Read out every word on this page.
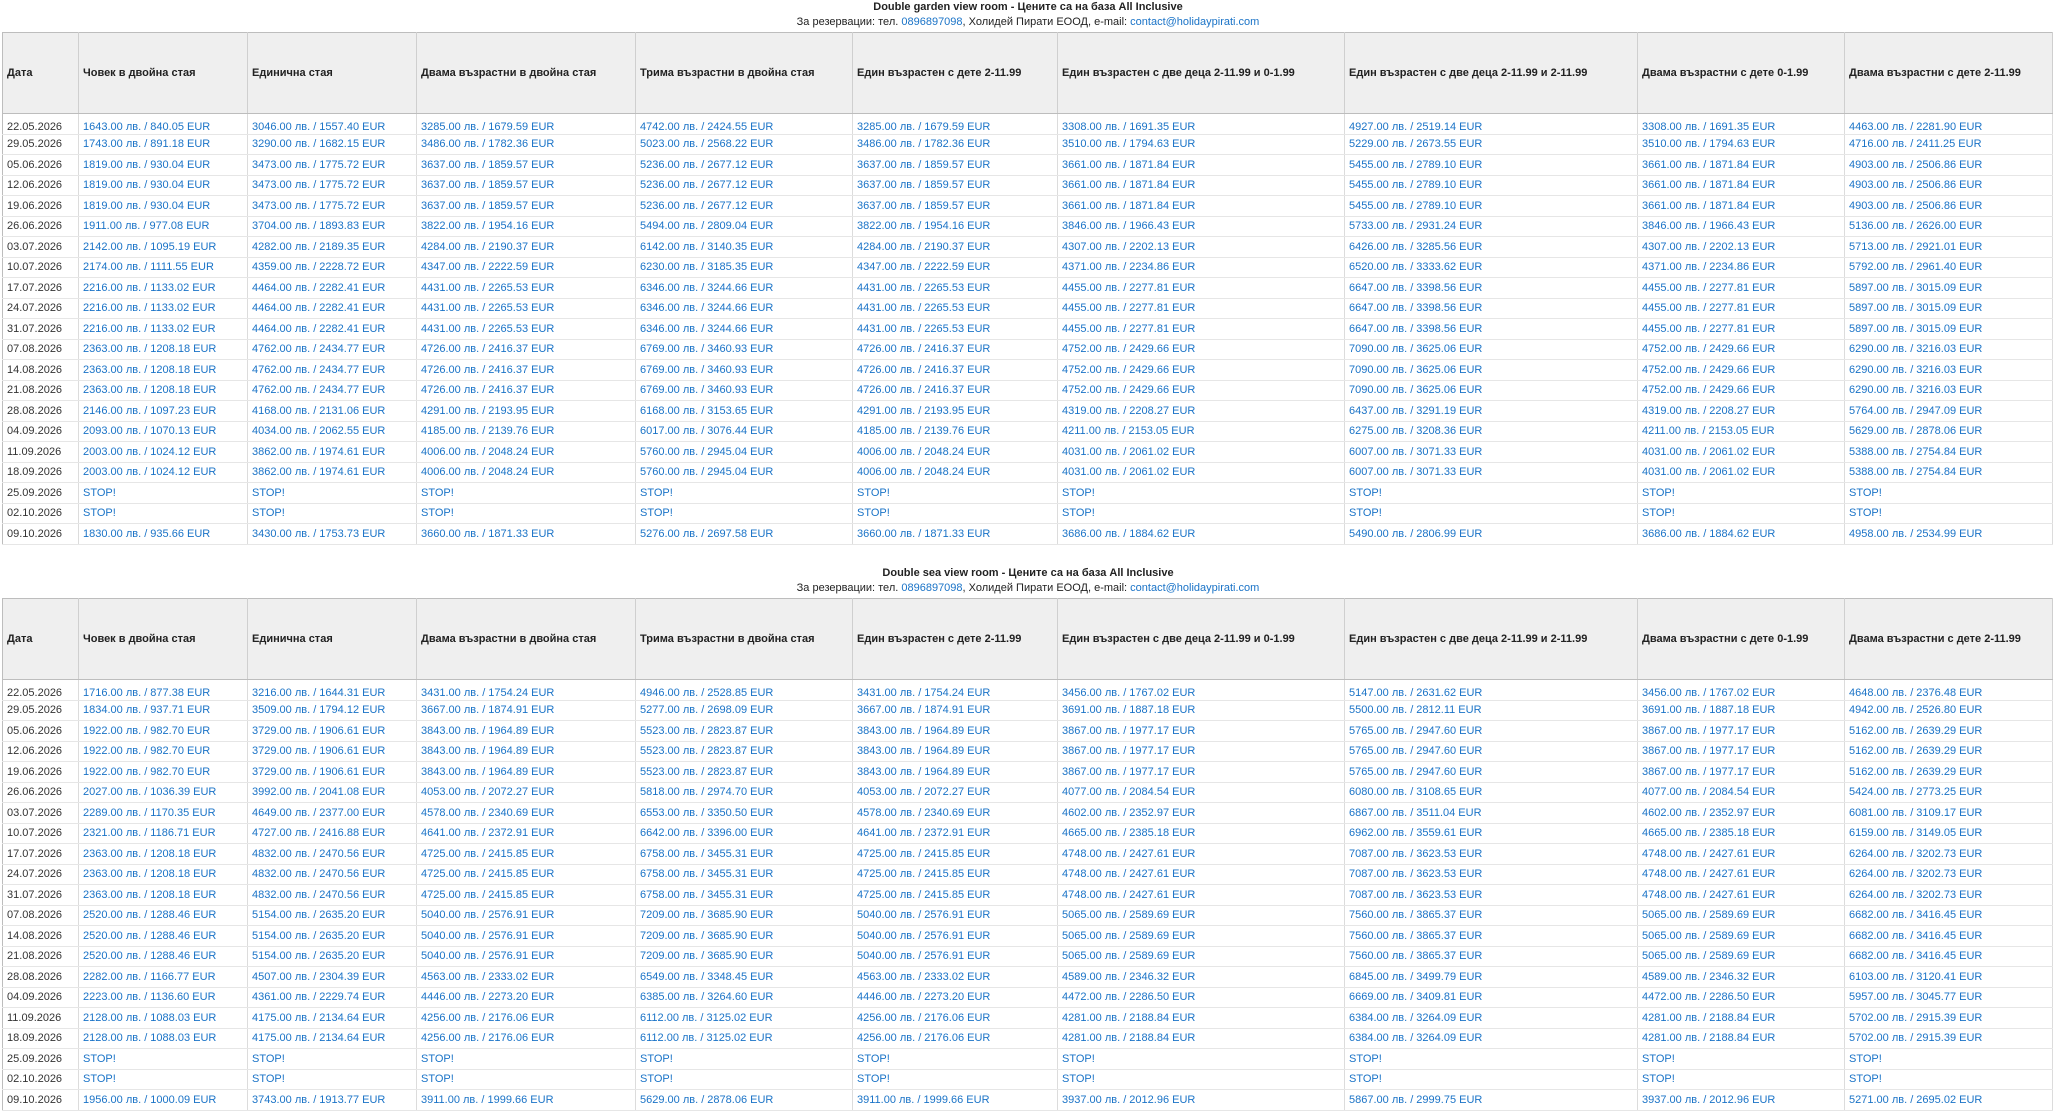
Double garden view room - Цените са на база All Inclusive
За резервации: тел. 0896897098, Холидей Пирати ЕООД, e-mail: contact@holidaypirati.com
Дата	Човек в двойна стая	Единична стая	Двама възрастни в двойна стая	Трима възрастни в двойна стая	Един възрастен с дете 2-11.99	Един възрастен с две деца 2-11.99 и 0-1.99	Един възрастен с две деца 2-11.99 и 2-11.99	Двама възрастни с дете 0-1.99	Двама възрастни с дете 2-11.99
22.05.2026	1643.00 лв. / 840.05 EUR	3046.00 лв. / 1557.40 EUR	3285.00 лв. / 1679.59 EUR	4742.00 лв. / 2424.55 EUR	3285.00 лв. / 1679.59 EUR	3308.00 лв. / 1691.35 EUR	4927.00 лв. / 2519.14 EUR	3308.00 лв. / 1691.35 EUR	4463.00 лв. / 2281.90 EUR
29.05.2026	1743.00 лв. / 891.18 EUR	3290.00 лв. / 1682.15 EUR	3486.00 лв. / 1782.36 EUR	5023.00 лв. / 2568.22 EUR	3486.00 лв. / 1782.36 EUR	3510.00 лв. / 1794.63 EUR	5229.00 лв. / 2673.55 EUR	3510.00 лв. / 1794.63 EUR	4716.00 лв. / 2411.25 EUR
05.06.2026	1819.00 лв. / 930.04 EUR	3473.00 лв. / 1775.72 EUR	3637.00 лв. / 1859.57 EUR	5236.00 лв. / 2677.12 EUR	3637.00 лв. / 1859.57 EUR	3661.00 лв. / 1871.84 EUR	5455.00 лв. / 2789.10 EUR	3661.00 лв. / 1871.84 EUR	4903.00 лв. / 2506.86 EUR
12.06.2026	1819.00 лв. / 930.04 EUR	3473.00 лв. / 1775.72 EUR	3637.00 лв. / 1859.57 EUR	5236.00 лв. / 2677.12 EUR	3637.00 лв. / 1859.57 EUR	3661.00 лв. / 1871.84 EUR	5455.00 лв. / 2789.10 EUR	3661.00 лв. / 1871.84 EUR	4903.00 лв. / 2506.86 EUR
19.06.2026	1819.00 лв. / 930.04 EUR	3473.00 лв. / 1775.72 EUR	3637.00 лв. / 1859.57 EUR	5236.00 лв. / 2677.12 EUR	3637.00 лв. / 1859.57 EUR	3661.00 лв. / 1871.84 EUR	5455.00 лв. / 2789.10 EUR	3661.00 лв. / 1871.84 EUR	4903.00 лв. / 2506.86 EUR
26.06.2026	1911.00 лв. / 977.08 EUR	3704.00 лв. / 1893.83 EUR	3822.00 лв. / 1954.16 EUR	5494.00 лв. / 2809.04 EUR	3822.00 лв. / 1954.16 EUR	3846.00 лв. / 1966.43 EUR	5733.00 лв. / 2931.24 EUR	3846.00 лв. / 1966.43 EUR	5136.00 лв. / 2626.00 EUR
03.07.2026	2142.00 лв. / 1095.19 EUR	4282.00 лв. / 2189.35 EUR	4284.00 лв. / 2190.37 EUR	6142.00 лв. / 3140.35 EUR	4284.00 лв. / 2190.37 EUR	4307.00 лв. / 2202.13 EUR	6426.00 лв. / 3285.56 EUR	4307.00 лв. / 2202.13 EUR	5713.00 лв. / 2921.01 EUR
10.07.2026	2174.00 лв. / 1111.55 EUR	4359.00 лв. / 2228.72 EUR	4347.00 лв. / 2222.59 EUR	6230.00 лв. / 3185.35 EUR	4347.00 лв. / 2222.59 EUR	4371.00 лв. / 2234.86 EUR	6520.00 лв. / 3333.62 EUR	4371.00 лв. / 2234.86 EUR	5792.00 лв. / 2961.40 EUR
17.07.2026	2216.00 лв. / 1133.02 EUR	4464.00 лв. / 2282.41 EUR	4431.00 лв. / 2265.53 EUR	6346.00 лв. / 3244.66 EUR	4431.00 лв. / 2265.53 EUR	4455.00 лв. / 2277.81 EUR	6647.00 лв. / 3398.56 EUR	4455.00 лв. / 2277.81 EUR	5897.00 лв. / 3015.09 EUR
24.07.2026	2216.00 лв. / 1133.02 EUR	4464.00 лв. / 2282.41 EUR	4431.00 лв. / 2265.53 EUR	6346.00 лв. / 3244.66 EUR	4431.00 лв. / 2265.53 EUR	4455.00 лв. / 2277.81 EUR	6647.00 лв. / 3398.56 EUR	4455.00 лв. / 2277.81 EUR	5897.00 лв. / 3015.09 EUR
31.07.2026	2216.00 лв. / 1133.02 EUR	4464.00 лв. / 2282.41 EUR	4431.00 лв. / 2265.53 EUR	6346.00 лв. / 3244.66 EUR	4431.00 лв. / 2265.53 EUR	4455.00 лв. / 2277.81 EUR	6647.00 лв. / 3398.56 EUR	4455.00 лв. / 2277.81 EUR	5897.00 лв. / 3015.09 EUR
07.08.2026	2363.00 лв. / 1208.18 EUR	4762.00 лв. / 2434.77 EUR	4726.00 лв. / 2416.37 EUR	6769.00 лв. / 3460.93 EUR	4726.00 лв. / 2416.37 EUR	4752.00 лв. / 2429.66 EUR	7090.00 лв. / 3625.06 EUR	4752.00 лв. / 2429.66 EUR	6290.00 лв. / 3216.03 EUR
14.08.2026	2363.00 лв. / 1208.18 EUR	4762.00 лв. / 2434.77 EUR	4726.00 лв. / 2416.37 EUR	6769.00 лв. / 3460.93 EUR	4726.00 лв. / 2416.37 EUR	4752.00 лв. / 2429.66 EUR	7090.00 лв. / 3625.06 EUR	4752.00 лв. / 2429.66 EUR	6290.00 лв. / 3216.03 EUR
21.08.2026	2363.00 лв. / 1208.18 EUR	4762.00 лв. / 2434.77 EUR	4726.00 лв. / 2416.37 EUR	6769.00 лв. / 3460.93 EUR	4726.00 лв. / 2416.37 EUR	4752.00 лв. / 2429.66 EUR	7090.00 лв. / 3625.06 EUR	4752.00 лв. / 2429.66 EUR	6290.00 лв. / 3216.03 EUR
28.08.2026	2146.00 лв. / 1097.23 EUR	4168.00 лв. / 2131.06 EUR	4291.00 лв. / 2193.95 EUR	6168.00 лв. / 3153.65 EUR	4291.00 лв. / 2193.95 EUR	4319.00 лв. / 2208.27 EUR	6437.00 лв. / 3291.19 EUR	4319.00 лв. / 2208.27 EUR	5764.00 лв. / 2947.09 EUR
04.09.2026	2093.00 лв. / 1070.13 EUR	4034.00 лв. / 2062.55 EUR	4185.00 лв. / 2139.76 EUR	6017.00 лв. / 3076.44 EUR	4185.00 лв. / 2139.76 EUR	4211.00 лв. / 2153.05 EUR	6275.00 лв. / 3208.36 EUR	4211.00 лв. / 2153.05 EUR	5629.00 лв. / 2878.06 EUR
11.09.2026	2003.00 лв. / 1024.12 EUR	3862.00 лв. / 1974.61 EUR	4006.00 лв. / 2048.24 EUR	5760.00 лв. / 2945.04 EUR	4006.00 лв. / 2048.24 EUR	4031.00 лв. / 2061.02 EUR	6007.00 лв. / 3071.33 EUR	4031.00 лв. / 2061.02 EUR	5388.00 лв. / 2754.84 EUR
18.09.2026	2003.00 лв. / 1024.12 EUR	3862.00 лв. / 1974.61 EUR	4006.00 лв. / 2048.24 EUR	5760.00 лв. / 2945.04 EUR	4006.00 лв. / 2048.24 EUR	4031.00 лв. / 2061.02 EUR	6007.00 лв. / 3071.33 EUR	4031.00 лв. / 2061.02 EUR	5388.00 лв. / 2754.84 EUR
25.09.2026	STOP!	STOP!	STOP!	STOP!	STOP!	STOP!	STOP!	STOP!	STOP!
02.10.2026	STOP!	STOP!	STOP!	STOP!	STOP!	STOP!	STOP!	STOP!	STOP!
09.10.2026	1830.00 лв. / 935.66 EUR	3430.00 лв. / 1753.73 EUR	3660.00 лв. / 1871.33 EUR	5276.00 лв. / 2697.58 EUR	3660.00 лв. / 1871.33 EUR	3686.00 лв. / 1884.62 EUR	5490.00 лв. / 2806.99 EUR	3686.00 лв. / 1884.62 EUR	4958.00 лв. / 2534.99 EUR
Double sea view room - Цените са на база All Inclusive
За резервации: тел. 0896897098, Холидей Пирати ЕООД, e-mail: contact@holidaypirati.com
Дата	Човек в двойна стая	Единична стая	Двама възрастни в двойна стая	Трима възрастни в двойна стая	Един възрастен с дете 2-11.99	Един възрастен с две деца 2-11.99 и 0-1.99	Един възрастен с две деца 2-11.99 и 2-11.99	Двама възрастни с дете 0-1.99	Двама възрастни с дете 2-11.99
22.05.2026	1716.00 лв. / 877.38 EUR	3216.00 лв. / 1644.31 EUR	3431.00 лв. / 1754.24 EUR	4946.00 лв. / 2528.85 EUR	3431.00 лв. / 1754.24 EUR	3456.00 лв. / 1767.02 EUR	5147.00 лв. / 2631.62 EUR	3456.00 лв. / 1767.02 EUR	4648.00 лв. / 2376.48 EUR
29.05.2026	1834.00 лв. / 937.71 EUR	3509.00 лв. / 1794.12 EUR	3667.00 лв. / 1874.91 EUR	5277.00 лв. / 2698.09 EUR	3667.00 лв. / 1874.91 EUR	3691.00 лв. / 1887.18 EUR	5500.00 лв. / 2812.11 EUR	3691.00 лв. / 1887.18 EUR	4942.00 лв. / 2526.80 EUR
05.06.2026	1922.00 лв. / 982.70 EUR	3729.00 лв. / 1906.61 EUR	3843.00 лв. / 1964.89 EUR	5523.00 лв. / 2823.87 EUR	3843.00 лв. / 1964.89 EUR	3867.00 лв. / 1977.17 EUR	5765.00 лв. / 2947.60 EUR	3867.00 лв. / 1977.17 EUR	5162.00 лв. / 2639.29 EUR
12.06.2026	1922.00 лв. / 982.70 EUR	3729.00 лв. / 1906.61 EUR	3843.00 лв. / 1964.89 EUR	5523.00 лв. / 2823.87 EUR	3843.00 лв. / 1964.89 EUR	3867.00 лв. / 1977.17 EUR	5765.00 лв. / 2947.60 EUR	3867.00 лв. / 1977.17 EUR	5162.00 лв. / 2639.29 EUR
19.06.2026	1922.00 лв. / 982.70 EUR	3729.00 лв. / 1906.61 EUR	3843.00 лв. / 1964.89 EUR	5523.00 лв. / 2823.87 EUR	3843.00 лв. / 1964.89 EUR	3867.00 лв. / 1977.17 EUR	5765.00 лв. / 2947.60 EUR	3867.00 лв. / 1977.17 EUR	5162.00 лв. / 2639.29 EUR
26.06.2026	2027.00 лв. / 1036.39 EUR	3992.00 лв. / 2041.08 EUR	4053.00 лв. / 2072.27 EUR	5818.00 лв. / 2974.70 EUR	4053.00 лв. / 2072.27 EUR	4077.00 лв. / 2084.54 EUR	6080.00 лв. / 3108.65 EUR	4077.00 лв. / 2084.54 EUR	5424.00 лв. / 2773.25 EUR
03.07.2026	2289.00 лв. / 1170.35 EUR	4649.00 лв. / 2377.00 EUR	4578.00 лв. / 2340.69 EUR	6553.00 лв. / 3350.50 EUR	4578.00 лв. / 2340.69 EUR	4602.00 лв. / 2352.97 EUR	6867.00 лв. / 3511.04 EUR	4602.00 лв. / 2352.97 EUR	6081.00 лв. / 3109.17 EUR
10.07.2026	2321.00 лв. / 1186.71 EUR	4727.00 лв. / 2416.88 EUR	4641.00 лв. / 2372.91 EUR	6642.00 лв. / 3396.00 EUR	4641.00 лв. / 2372.91 EUR	4665.00 лв. / 2385.18 EUR	6962.00 лв. / 3559.61 EUR	4665.00 лв. / 2385.18 EUR	6159.00 лв. / 3149.05 EUR
17.07.2026	2363.00 лв. / 1208.18 EUR	4832.00 лв. / 2470.56 EUR	4725.00 лв. / 2415.85 EUR	6758.00 лв. / 3455.31 EUR	4725.00 лв. / 2415.85 EUR	4748.00 лв. / 2427.61 EUR	7087.00 лв. / 3623.53 EUR	4748.00 лв. / 2427.61 EUR	6264.00 лв. / 3202.73 EUR
24.07.2026	2363.00 лв. / 1208.18 EUR	4832.00 лв. / 2470.56 EUR	4725.00 лв. / 2415.85 EUR	6758.00 лв. / 3455.31 EUR	4725.00 лв. / 2415.85 EUR	4748.00 лв. / 2427.61 EUR	7087.00 лв. / 3623.53 EUR	4748.00 лв. / 2427.61 EUR	6264.00 лв. / 3202.73 EUR
31.07.2026	2363.00 лв. / 1208.18 EUR	4832.00 лв. / 2470.56 EUR	4725.00 лв. / 2415.85 EUR	6758.00 лв. / 3455.31 EUR	4725.00 лв. / 2415.85 EUR	4748.00 лв. / 2427.61 EUR	7087.00 лв. / 3623.53 EUR	4748.00 лв. / 2427.61 EUR	6264.00 лв. / 3202.73 EUR
07.08.2026	2520.00 лв. / 1288.46 EUR	5154.00 лв. / 2635.20 EUR	5040.00 лв. / 2576.91 EUR	7209.00 лв. / 3685.90 EUR	5040.00 лв. / 2576.91 EUR	5065.00 лв. / 2589.69 EUR	7560.00 лв. / 3865.37 EUR	5065.00 лв. / 2589.69 EUR	6682.00 лв. / 3416.45 EUR
14.08.2026	2520.00 лв. / 1288.46 EUR	5154.00 лв. / 2635.20 EUR	5040.00 лв. / 2576.91 EUR	7209.00 лв. / 3685.90 EUR	5040.00 лв. / 2576.91 EUR	5065.00 лв. / 2589.69 EUR	7560.00 лв. / 3865.37 EUR	5065.00 лв. / 2589.69 EUR	6682.00 лв. / 3416.45 EUR
21.08.2026	2520.00 лв. / 1288.46 EUR	5154.00 лв. / 2635.20 EUR	5040.00 лв. / 2576.91 EUR	7209.00 лв. / 3685.90 EUR	5040.00 лв. / 2576.91 EUR	5065.00 лв. / 2589.69 EUR	7560.00 лв. / 3865.37 EUR	5065.00 лв. / 2589.69 EUR	6682.00 лв. / 3416.45 EUR
28.08.2026	2282.00 лв. / 1166.77 EUR	4507.00 лв. / 2304.39 EUR	4563.00 лв. / 2333.02 EUR	6549.00 лв. / 3348.45 EUR	4563.00 лв. / 2333.02 EUR	4589.00 лв. / 2346.32 EUR	6845.00 лв. / 3499.79 EUR	4589.00 лв. / 2346.32 EUR	6103.00 лв. / 3120.41 EUR
04.09.2026	2223.00 лв. / 1136.60 EUR	4361.00 лв. / 2229.74 EUR	4446.00 лв. / 2273.20 EUR	6385.00 лв. / 3264.60 EUR	4446.00 лв. / 2273.20 EUR	4472.00 лв. / 2286.50 EUR	6669.00 лв. / 3409.81 EUR	4472.00 лв. / 2286.50 EUR	5957.00 лв. / 3045.77 EUR
11.09.2026	2128.00 лв. / 1088.03 EUR	4175.00 лв. / 2134.64 EUR	4256.00 лв. / 2176.06 EUR	6112.00 лв. / 3125.02 EUR	4256.00 лв. / 2176.06 EUR	4281.00 лв. / 2188.84 EUR	6384.00 лв. / 3264.09 EUR	4281.00 лв. / 2188.84 EUR	5702.00 лв. / 2915.39 EUR
18.09.2026	2128.00 лв. / 1088.03 EUR	4175.00 лв. / 2134.64 EUR	4256.00 лв. / 2176.06 EUR	6112.00 лв. / 3125.02 EUR	4256.00 лв. / 2176.06 EUR	4281.00 лв. / 2188.84 EUR	6384.00 лв. / 3264.09 EUR	4281.00 лв. / 2188.84 EUR	5702.00 лв. / 2915.39 EUR
25.09.2026	STOP!	STOP!	STOP!	STOP!	STOP!	STOP!	STOP!	STOP!	STOP!
02.10.2026	STOP!	STOP!	STOP!	STOP!	STOP!	STOP!	STOP!	STOP!	STOP!
09.10.2026	1956.00 лв. / 1000.09 EUR	3743.00 лв. / 1913.77 EUR	3911.00 лв. / 1999.66 EUR	5629.00 лв. / 2878.06 EUR	3911.00 лв. / 1999.66 EUR	3937.00 лв. / 2012.96 EUR	5867.00 лв. / 2999.75 EUR	3937.00 лв. / 2012.96 EUR	5271.00 лв. / 2695.02 EUR
